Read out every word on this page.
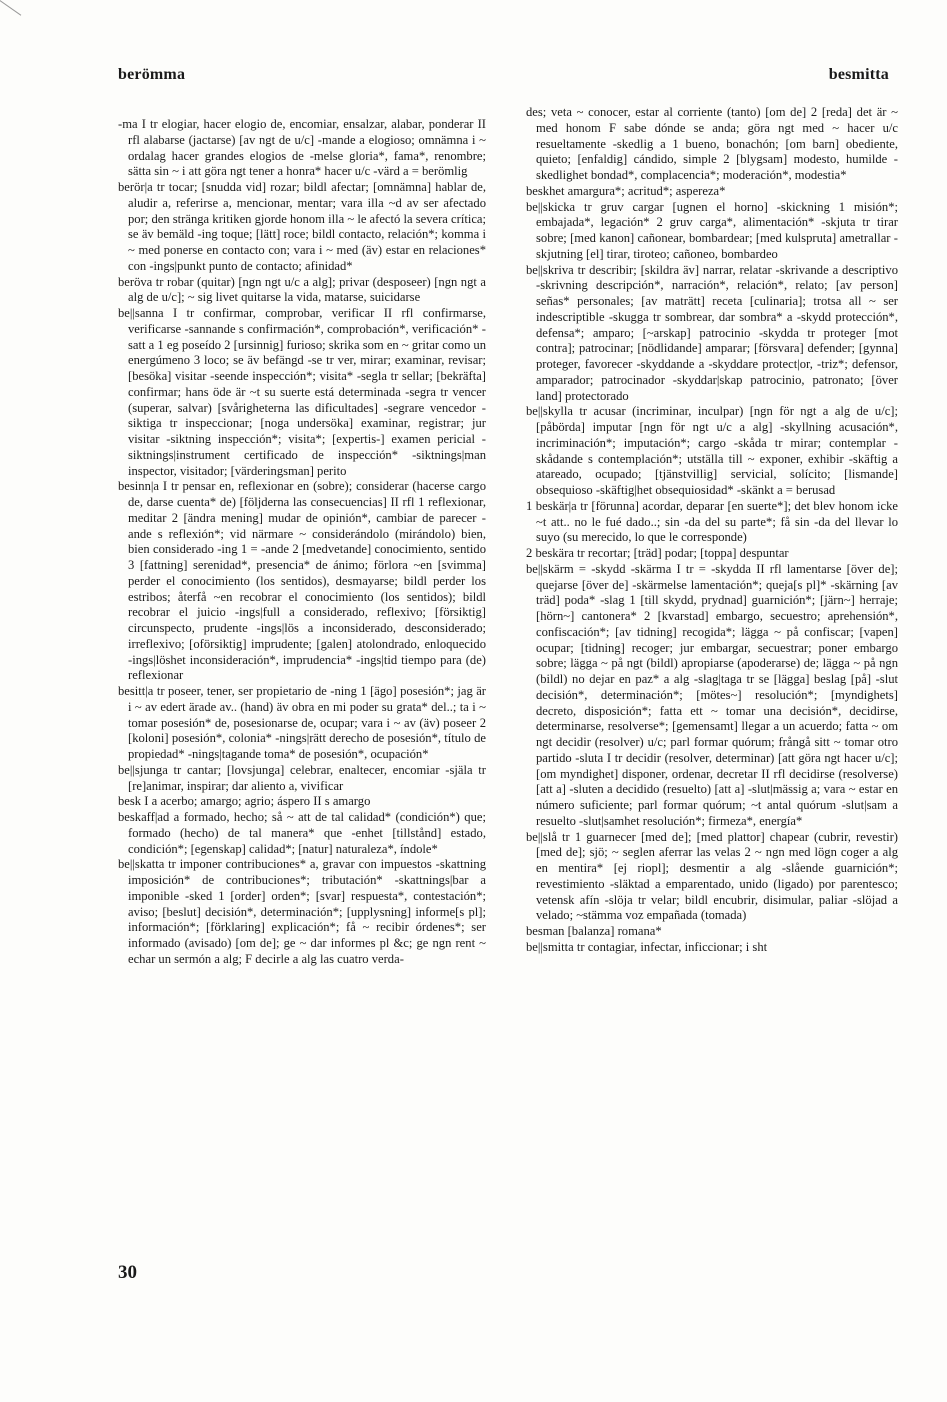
berömma	besmitta

-ma I tr elogiar, hacer elogio de, encomiar, ensalzar, alabar, ponderar II rfl alabarse (jactarse) [av ngt de u/c] -mande a elogioso; omnämna i ~ ordalag hacer grandes elogios de -melse gloria*, fama*, renombre; sätta sin ~ i att göra ngt tener a honra* hacer u/c -värd a = berömlig

berör|a tr tocar; [snudda vid] rozar; bildl afectar; [omnämna] hablar de, aludir a, referirse a, mencionar, mentar; vara illa ~d av ser afectado por; den stränga kritiken gjorde honom illa ~ le afectó la severa crítica; se äv bemäld -ing toque; [lätt] roce; bildl contacto, relación*; komma i ~ med ponerse en contacto con; vara i ~ med (äv) estar en relaciones* con -ings|punkt punto de contacto; afinidad*

beröva tr robar (quitar) [ngn ngt u/c a alg]; privar (desposeer) [ngn ngt a alg de u/c]; ~ sig livet quitarse la vida, matarse, suicidarse

be||sanna I tr confirmar, comprobar, verificar II rfl confirmarse, verificarse -sannande s confirmación*, comprobación*, verificación* -satt a 1 eg poseído 2 [ursinnig] furioso; skrika som en ~ gritar como un energúmeno 3 loco; se äv befängd -se tr ver, mirar; examinar, revisar; [besöka] visitar -seende inspección*; visita* -segla tr sellar; [bekräfta] confirmar; hans öde är ~t su suerte está determinada -segra tr vencer (superar, salvar) [svårigheterna las dificultades] -segrare vencedor -siktiga tr inspeccionar; [noga undersöka] examinar, registrar; jur visitar -siktning inspección*; visita*; [expertis-] examen pericial -siktnings|instrument certificado de inspección* -siktnings|man inspector, visitador; [värderingsman] perito

besinn|a I tr pensar en, reflexionar en (sobre); considerar (hacerse cargo de, darse cuenta* de) [följderna las consecuencias] II rfl 1 reflexionar, meditar 2 [ändra mening] mudar de opinión*, cambiar de parecer -ande s reflexión*; vid närmare ~ considerándolo (mirándolo) bien, bien considerado -ing 1 = -ande 2 [medvetande] conocimiento, sentido 3 [fattning] serenidad*, presencia* de ánimo; förlora ~en [svimma] perder el conocimiento (los sentidos), desmayarse; bildl perder los estribos; återfå ~en recobrar el conocimiento (los sentidos); bildl recobrar el juicio -ings|full a considerado, reflexivo; [försiktig] circunspecto, prudente -ings|lös a inconsiderado, desconsiderado; irreflexivo; [oförsiktig] imprudente; [galen] atolondrado, enloquecido -ings|löshet inconsideración*, imprudencia* -ings|tid tiempo para (de) reflexionar

besitt|a tr poseer, tener, ser propietario de -ning 1 [ägo] posesión*; jag är i ~ av edert ärade av.. (hand) äv obra en mi poder su grata* del..; ta i ~ tomar posesión* de, posesionarse de, ocupar; vara i ~ av (äv) poseer 2 [koloni] posesión*, colonia* -nings|rätt derecho de posesión*, título de propiedad* -nings|tagande toma* de posesión*, ocupación*

be||sjunga tr cantar; [lovsjunga] celebrar, enaltecer, encomiar -själa tr [re]animar, inspirar; dar aliento a, vivificar

besk I a acerbo; amargo; agrio; áspero II s amargo

beskaff|ad a formado, hecho; så ~ att de tal calidad* (condición*) que; formado (hecho) de tal manera* que -enhet [tillstånd] estado, condición*; [egenskap] calidad*; [natur] naturaleza*, índole*

be||skatta tr imponer contribuciones* a, gravar con impuestos -skattning imposición* de contribuciones*; tributación* -skattnings|bar a imponible -sked 1 [order] orden*; [svar] respuesta*, contestación*; aviso; [beslut] decisión*, determinación*; [upplysning] informe[s pl]; información*; [förklaring] explicación*; få ~ recibir órdenes*; ser informado (avisado) [om de]; ge ~ dar informes pl &c; ge ngn rent ~ echar un sermón a alg; F decirle a alg las cuatro verda-

des; veta ~ conocer, estar al corriente (tanto) [om de] 2 [reda] det är ~ med honom F sabe dónde se anda; göra ngt med ~ hacer u/c resueltamente -skedlig a 1 bueno, bonachón; [om barn] obediente, quieto; [enfaldig] cándido, simple 2 [blygsam] modesto, humilde -skedlighet bondad*, complacencia*; moderación*, modestia*

beskhet amargura*; acritud*; aspereza*

be||skicka tr gruv cargar [ugnen el horno] -skickning 1 misión*; embajada*, legación* 2 gruv carga*, alimentación* -skjuta tr tirar sobre; [med kanon] cañonear, bombardear; [med kulspruta] ametrallar -skjutning [el] tirar, tiroteo; cañoneo, bombardeo

be||skriva tr describir; [skildra äv] narrar, relatar -skrivande a descriptivo -skrivning descripción*, narración*, relación*, relato; [av person] señas* personales; [av maträtt] receta [culinaria]; trotsa all ~ ser indescriptible -skugga tr sombrear, dar sombra* a -skydd protección*, defensa*; amparo; [~arskap] patrocinio -skydda tr proteger [mot contra]; patrocinar; [nödlidande] amparar; [försvara] defender; [gynna] proteger, favorecer -skyddande a -skyddare protect|or, -triz*; defensor, amparador; patrocinador -skyddar|skap patrocinio, patronato; [över land] protectorado

be||skylla tr acusar (incriminar, inculpar) [ngn för ngt a alg de u/c]; [påbörda] imputar [ngn för ngt u/c a alg] -skyllning acusación*, incriminación*; imputación*; cargo -skåda tr mirar; contemplar -skådande s contemplación*; utställa till ~ exponer, exhibir -skäftig a atareado, ocupado; [tjänstvillig] servicial, solícito; [lismande] obsequioso -skäftig|het obsequiosidad* -skänkt a = berusad

1 beskär|a tr [förunna] acordar, deparar [en suerte*]; det blev honom icke ~t att.. no le fué dado..; sin -da del su parte*; få sin -da del llevar lo suyo (su merecido, lo que le corresponde)

2 beskära tr recortar; [träd] podar; [toppa] despuntar

be||skärm = -skydd -skärma I tr = -skydda II rfl lamentarse [över de]; quejarse [över de] -skärmelse lamentación*; queja[s pl]* -skärning [av träd] poda* -slag 1 [till skydd, prydnad] guarnición*; [järn~] herraje; [hörn~] cantonera* 2 [kvarstad] embargo, secuestro; aprehensión*, confiscación*; [av tidning] recogida*; lägga ~ på confiscar; [vapen] ocupar; [tidning] recoger; jur embargar, secuestrar; poner embargo sobre; lägga ~ på ngt (bildl) apropiarse (apoderarse) de; lägga ~ på ngn (bildl) no dejar en paz* a alg -slag|taga tr se [lägga] beslag [på] -slut decisión*, determinación*; [mötes~] resolución*; [myndighets] decreto, disposición*; fatta ett ~ tomar una decisión*, decidirse, determinarse, resolverse*; [gemensamt] llegar a un acuerdo; fatta ~ om ngt decidir (resolver) u/c; parl formar quórum; frångå sitt ~ tomar otro partido -sluta I tr decidir (resolver, determinar) [att göra ngt hacer u/c]; [om myndighet] disponer, ordenar, decretar II rfl decidirse (resolverse) [att a] -sluten a decidido (resuelto) [att a] -slut|mässig a; vara ~ estar en número suficiente; parl formar quórum; ~t antal quórum -slut|sam a resuelto -slut|samhet resolución*; firmeza*, energía*

be||slå tr 1 guarnecer [med de]; [med plattor] chapear (cubrir, revestir) [med de]; sjö; ~ seglen aferrar las velas 2 ~ ngn med lögn coger a alg en mentira* [ej riopl]; desmentir a alg -slående guarnición*; revestimiento -släktad a emparentado, unido (ligado) por parentesco; vetensk afín -slöja tr velar; bildl encubrir, disimular, paliar -slöjad a velado; ~stämma voz empañada (tomada)

besman [balanza] romana*

be||smitta tr contagiar, infectar, inficcionar; i sht

30
